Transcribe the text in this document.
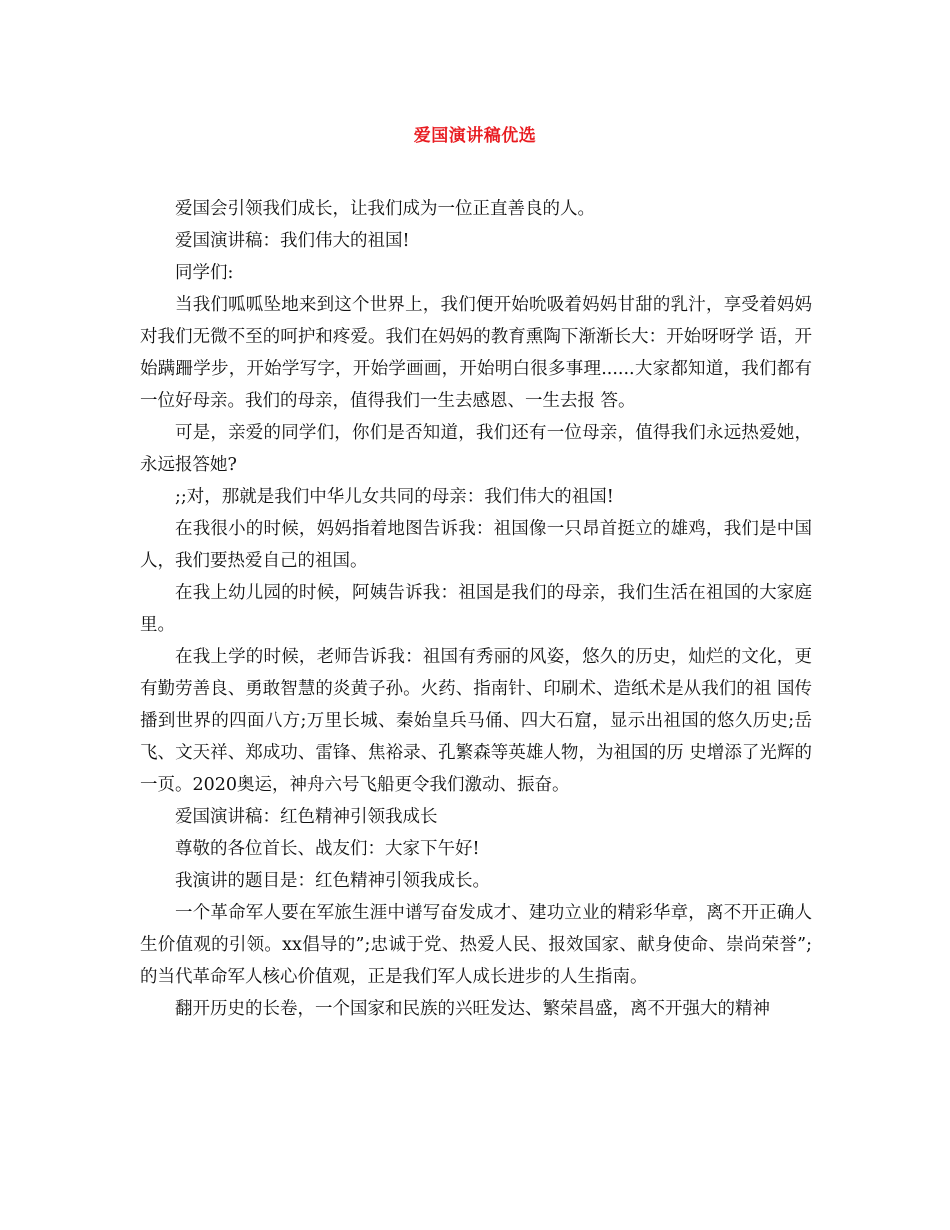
爱国演讲稿优选

爱国会引领我们成长，让我们成为一位正直善良的人。

爱国演讲稿：我们伟大的祖国!

同学们:

当我们呱呱坠地来到这个世界上，我们便开始吮吸着妈妈甘甜的乳汁，享受着妈妈对我们无微不至的呵护和疼爱。我们在妈妈的教育熏陶下渐渐长大：开始呀呀学 语，开始蹒跚学步，开始学写字，开始学画画，开始明白很多事理......大家都知道，我们都有一位好母亲。我们的母亲，值得我们一生去感恩、一生去报 答。

可是，亲爱的同学们，你们是否知道，我们还有一位母亲，值得我们永远热爱她，永远报答她?

;;对，那就是我们中华儿女共同的母亲：我们伟大的祖国!

在我很小的时候，妈妈指着地图告诉我：祖国像一只昂首挺立的雄鸡，我们是中国人，我们要热爱自己的祖国。

在我上幼儿园的时候，阿姨告诉我：祖国是我们的母亲，我们生活在祖国的大家庭里。

在我上学的时候，老师告诉我：祖国有秀丽的风姿，悠久的历史，灿烂的文化，更有勤劳善良、勇敢智慧的炎黄子孙。火药、指南针、印刷术、造纸术是从我们的祖 国传播到世界的四面八方;万里长城、秦始皇兵马俑、四大石窟，显示出祖国的悠久历史;岳飞、文天祥、郑成功、雷锋、焦裕录、孔繁森等英雄人物，为祖国的历 史增添了光辉的一页。2020奥运，神舟六号飞船更令我们激动、振奋。

爱国演讲稿：红色精神引领我成长

尊敬的各位首长、战友们：大家下午好!

我演讲的题目是：红色精神引领我成长。

一个革命军人要在军旅生涯中谱写奋发成才、建功立业的精彩华章，离不开正确人生价值观的引领。xx倡导的”;忠诚于党、热爱人民、报效国家、献身使命、崇尚荣誉”;的当代革命军人核心价值观，正是我们军人成长进步的人生指南。

翻开历史的长卷，一个国家和民族的兴旺发达、繁荣昌盛，离不开强大的精神
